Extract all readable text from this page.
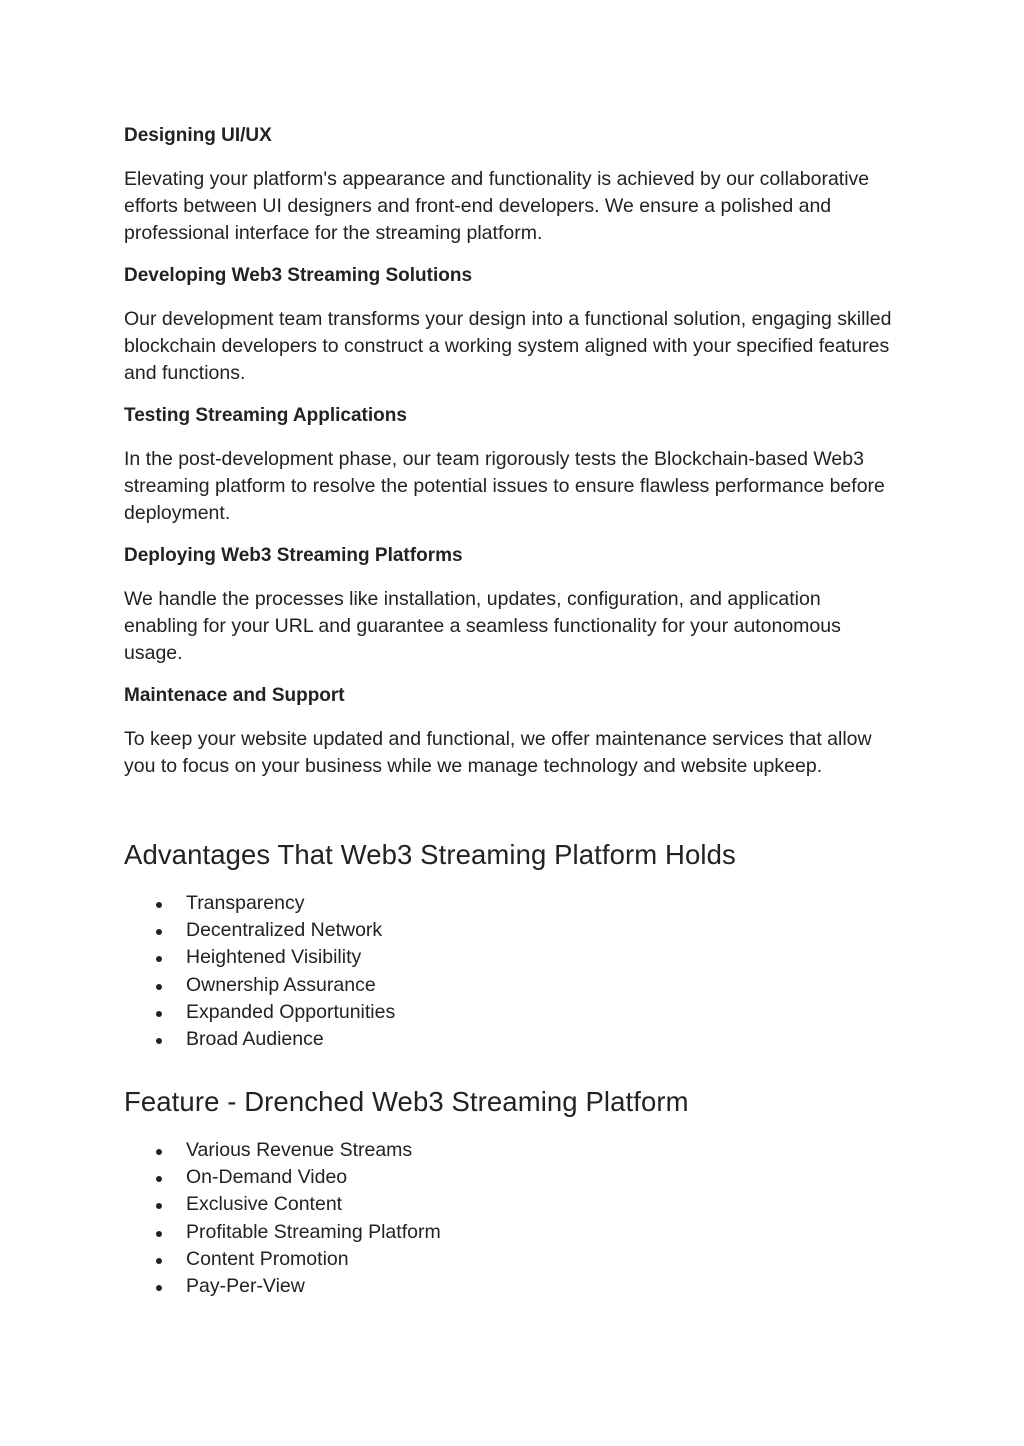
Designing UI/UX

Elevating your platform's appearance and functionality is achieved by our collaborative efforts between UI designers and front-end developers. We ensure a polished and professional interface for the streaming platform.

Developing Web3 Streaming Solutions

Our development team transforms your design into a functional solution, engaging skilled blockchain developers to construct a working system aligned with your specified features and functions.

Testing Streaming Applications

In the post-development phase, our team rigorously tests the Blockchain-based Web3 streaming platform to resolve the potential issues to ensure flawless performance before deployment.

Deploying Web3 Streaming Platforms

We handle the processes like installation, updates, configuration, and application enabling for your URL and guarantee a seamless functionality for your autonomous usage.

Maintenace and Support

To keep your website updated and functional, we offer maintenance services that allow you to focus on your business while we manage technology and website upkeep.

Advantages That Web3 Streaming Platform Holds
Transparency
Decentralized Network
Heightened Visibility
Ownership Assurance
Expanded Opportunities
Broad Audience
Feature - Drenched Web3 Streaming Platform
Various Revenue Streams
On-Demand Video
Exclusive Content
Profitable Streaming Platform
Content Promotion
Pay-Per-View
